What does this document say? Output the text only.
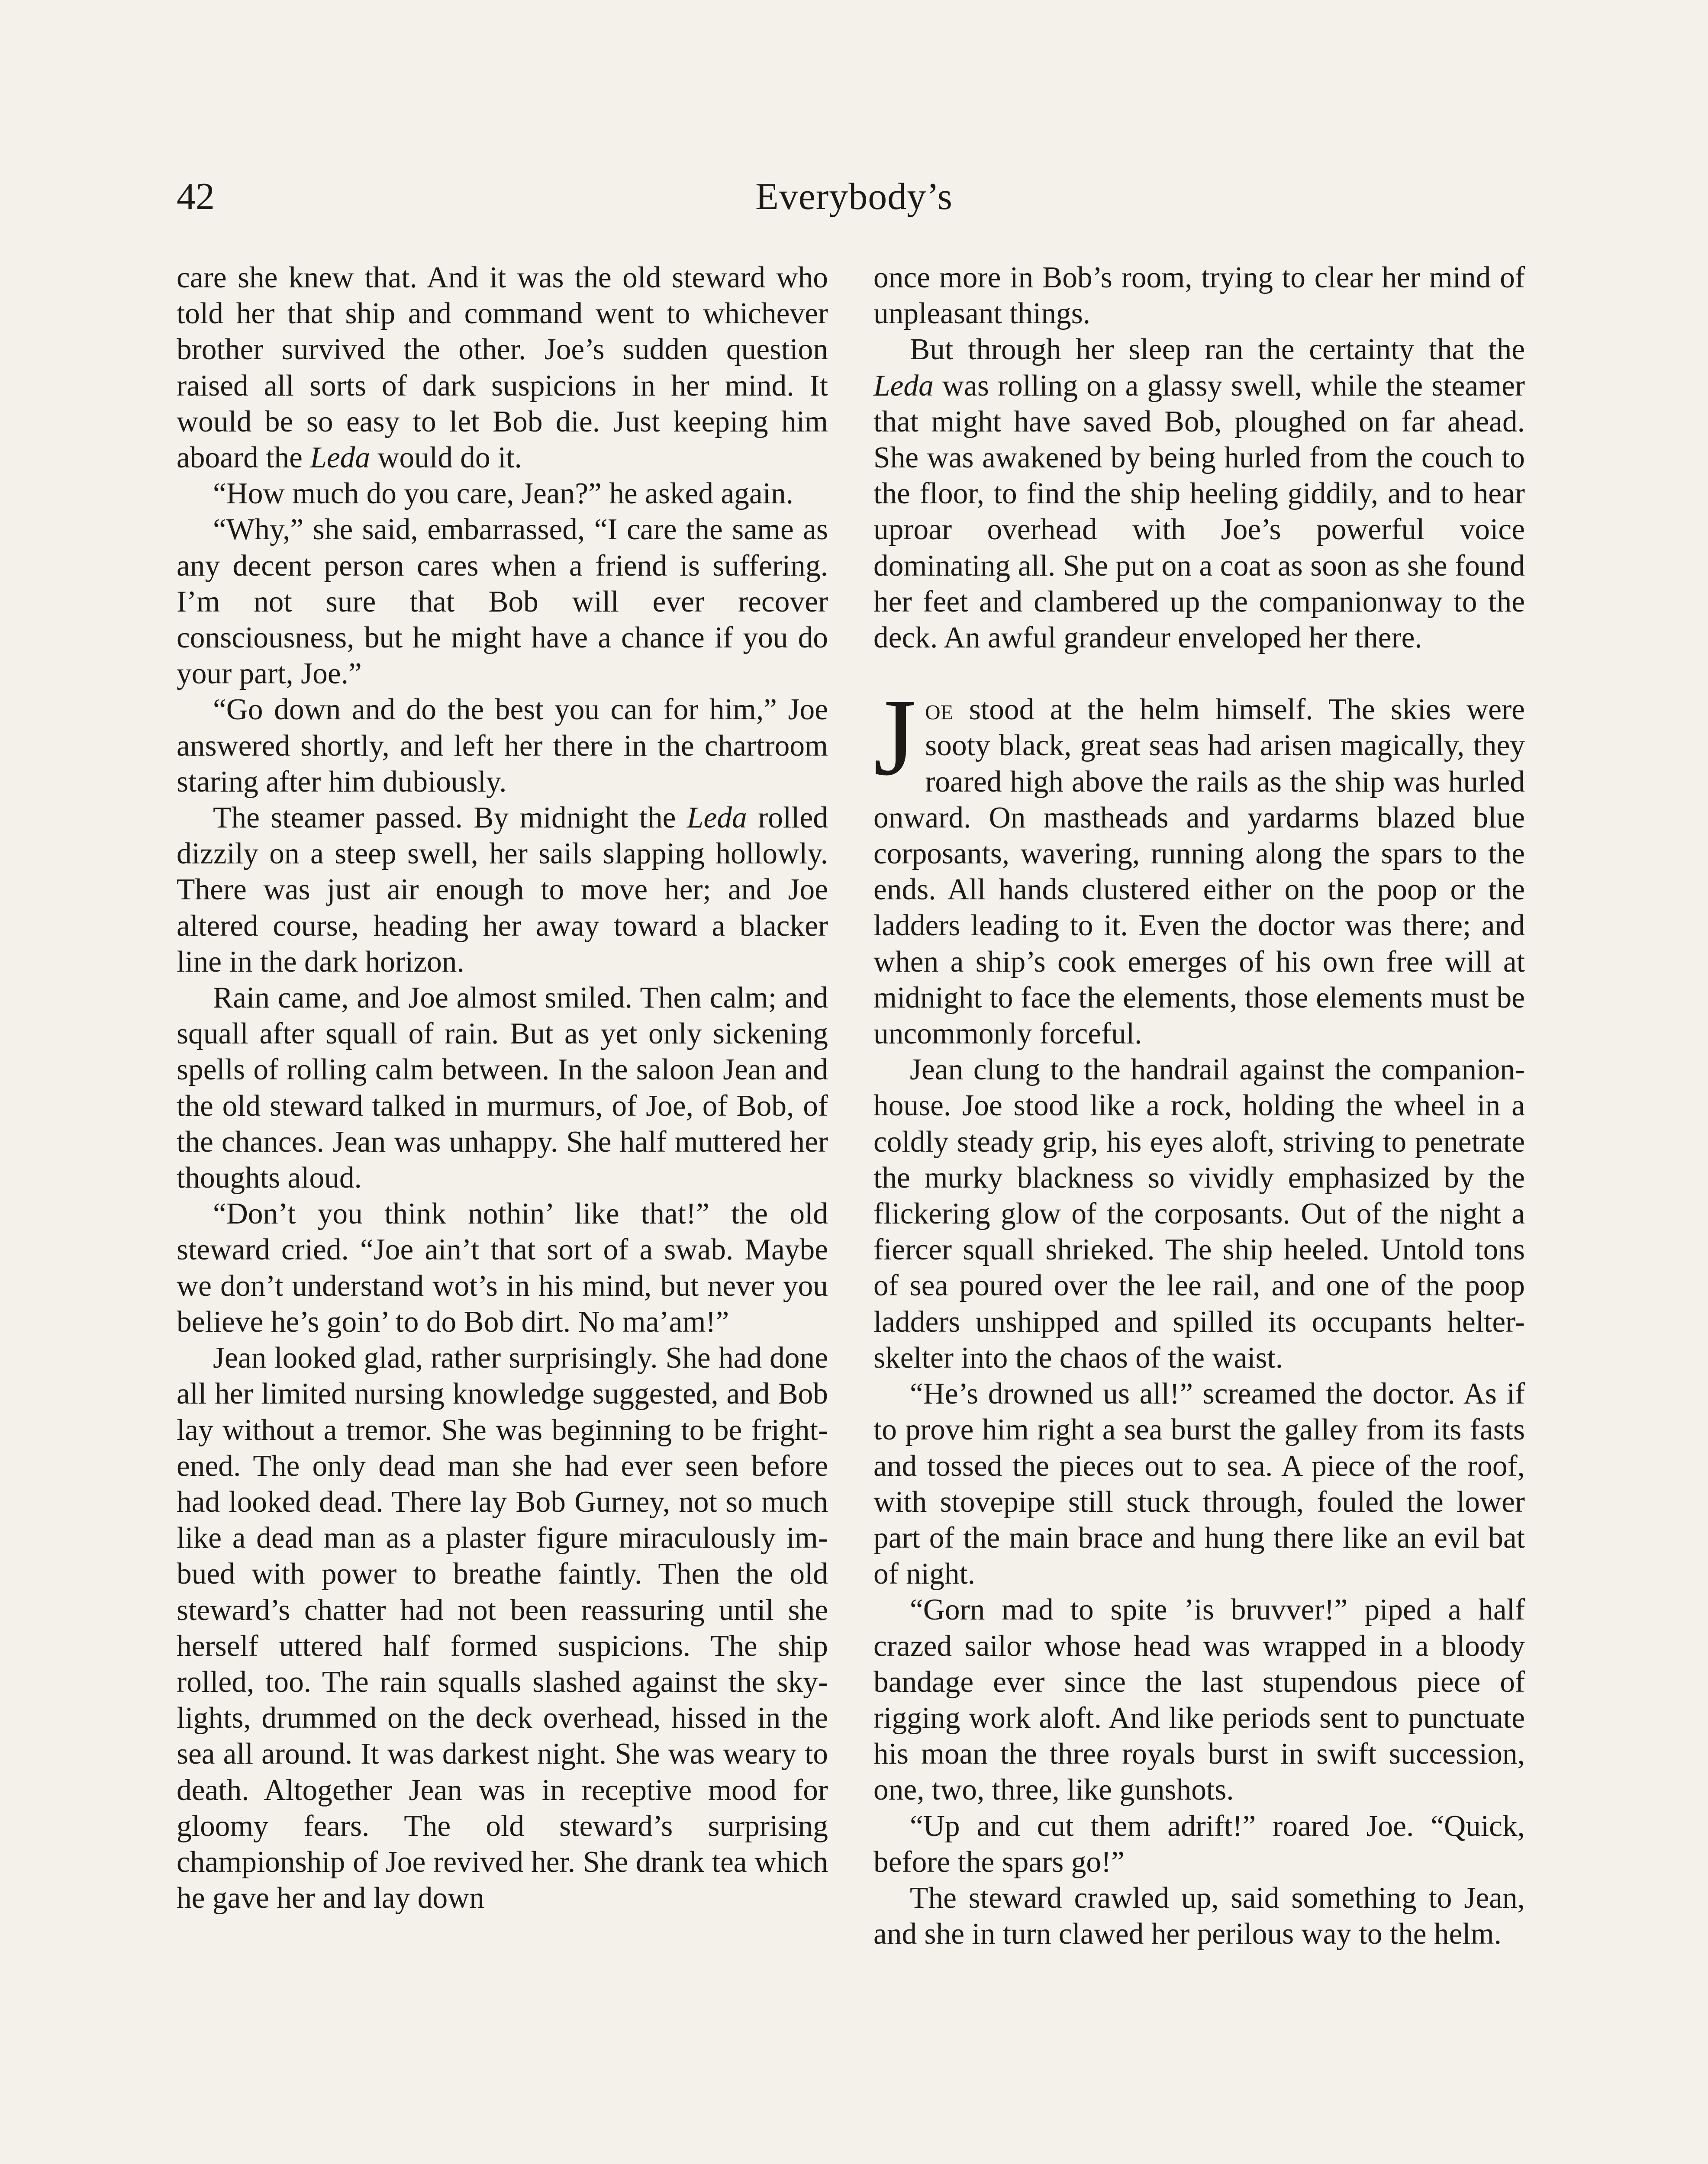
42	Everybody’s

care she knew that. And it was the old steward who told her that ship and command went to whichever brother survived the other. Joe’s sudden question raised all sorts of dark suspicions in her mind. It would be so easy to let Bob die. Just keeping him aboard the Leda would do it.

“How much do you care, Jean?” he asked again.

“Why,” she said, embarrassed, “I care the same as any decent person cares when a friend is suffering. I’m not sure that Bob will ever recover consciousness, but he might have a chance if you do your part, Joe.”

“Go down and do the best you can for him,” Joe answered shortly, and left her there in the chartroom staring after him dubiously.

The steamer passed. By midnight the Leda rolled dizzily on a steep swell, her sails slapping hollowly. There was just air enough to move her; and Joe altered course, heading her away toward a blacker line in the dark horizon.

Rain came, and Joe almost smiled. Then calm; and squall after squall of rain. But as yet only sickening spells of rolling calm between. In the saloon Jean and the old steward talked in murmurs, of Joe, of Bob, of the chances. Jean was unhappy. She half muttered her thoughts aloud.

“Don’t you think nothin’ like that!” the old steward cried. “Joe ain’t that sort of a swab. Maybe we don’t understand wot’s in his mind, but never you believe he’s goin’ to do Bob dirt. No ma’am!”

Jean looked glad, rather surprisingly. She had done all her limited nursing knowledge suggested, and Bob lay without a tremor. She was beginning to be frightened. The only dead man she had ever seen before had looked dead. There lay Bob Gurney, not so much like a dead man as a plaster figure miraculously imbued with power to breathe faintly. Then the old steward’s chatter had not been reassuring until she herself uttered half formed suspicions. The ship rolled, too. The rain squalls slashed against the skylights, drummed on the deck overhead, hissed in the sea all around. It was darkest night. She was weary to death. Altogether Jean was in receptive mood for gloomy fears. The old steward’s surprising championship of Joe revived her. She drank tea which he gave her and lay down

once more in Bob’s room, trying to clear her mind of unpleasant things.

But through her sleep ran the certainty that the Leda was rolling on a glassy swell, while the steamer that might have saved Bob, ploughed on far ahead. She was awakened by being hurled from the couch to the floor, to find the ship heeling giddily, and to hear uproar overhead with Joe’s powerful voice dominating all. She put on a coat as soon as she found her feet and clambered up the companionway to the deck. An awful grandeur enveloped her there.

Joe stood at the helm himself. The skies were sooty black, great seas had arisen magically, they roared high above the rails as the ship was hurled onward. On mastheads and yardarms blazed blue corposants, wavering, running along the spars to the ends. All hands clustered either on the poop or the ladders leading to it. Even the doctor was there; and when a ship’s cook emerges of his own free will at midnight to face the elements, those elements must be uncommonly forceful.

Jean clung to the handrail against the companion-house. Joe stood like a rock, holding the wheel in a coldly steady grip, his eyes aloft, striving to penetrate the murky blackness so vividly emphasized by the flickering glow of the corposants. Out of the night a fiercer squall shrieked. The ship heeled. Untold tons of sea poured over the lee rail, and one of the poop ladders unshipped and spilled its occupants helter-skelter into the chaos of the waist.

“He’s drowned us all!” screamed the doctor. As if to prove him right a sea burst the galley from its fasts and tossed the pieces out to sea. A piece of the roof, with stovepipe still stuck through, fouled the lower part of the main brace and hung there like an evil bat of night.

“Gorn mad to spite ’is bruvver!” piped a half crazed sailor whose head was wrapped in a bloody bandage ever since the last stupendous piece of rigging work aloft. And like periods sent to punctuate his moan the three royals burst in swift succession, one, two, three, like gunshots.

“Up and cut them adrift!” roared Joe. “Quick, before the spars go!”

The steward crawled up, said something to Jean, and she in turn clawed her perilous way to the helm.
